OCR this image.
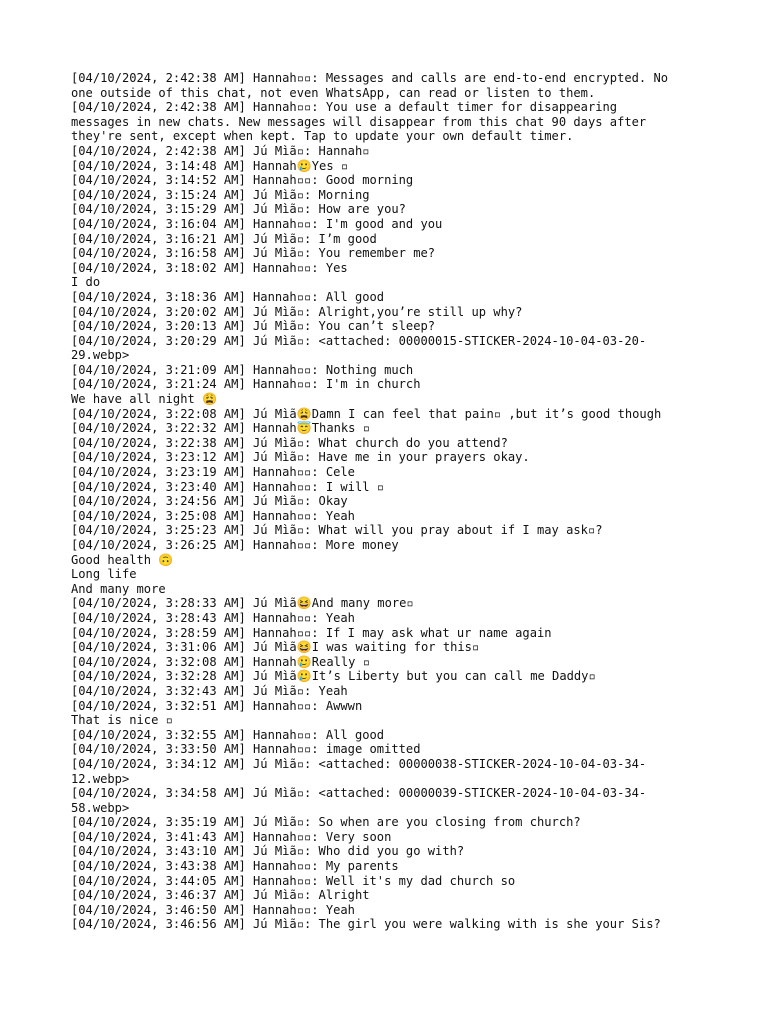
[04/10/2024, 2:42:38 AM] Hannah▫▫: Messages and calls are end-to-end encrypted. No
one outside of this chat, not even WhatsApp, can read or listen to them.
[04/10/2024, 2:42:38 AM] Hannah▫▫: You use a default timer for disappearing
messages in new chats. New messages will disappear from this chat 90 days after
they're sent, except when kept. Tap to update your own default timer.
[04/10/2024, 2:42:38 AM] Jú Mìã▫: Hannah▫
[04/10/2024, 3:14:48 AM] Hannah🥲Yes ▫
[04/10/2024, 3:14:52 AM] Hannah▫▫: Good morning
[04/10/2024, 3:15:24 AM] Jú Mìã▫: Morning
[04/10/2024, 3:15:29 AM] Jú Mìã▫: How are you?
[04/10/2024, 3:16:04 AM] Hannah▫▫: I'm good and you
[04/10/2024, 3:16:21 AM] Jú Mìã▫: I’m good
[04/10/2024, 3:16:58 AM] Jú Mìã▫: You remember me?
[04/10/2024, 3:18:02 AM] Hannah▫▫: Yes
I do
[04/10/2024, 3:18:36 AM] Hannah▫▫: All good
[04/10/2024, 3:20:02 AM] Jú Mìã▫: Alright,you’re still up why?
[04/10/2024, 3:20:13 AM] Jú Mìã▫: You can’t sleep?
[04/10/2024, 3:20:29 AM] Jú Mìã▫: <attached: 00000015-STICKER-2024-10-04-03-20-
29.webp>
[04/10/2024, 3:21:09 AM] Hannah▫▫: Nothing much
[04/10/2024, 3:21:24 AM] Hannah▫▫: I'm in church
We have all night 😩
[04/10/2024, 3:22:08 AM] Jú Mìã😩Damn I can feel that pain▫ ,but it’s good though
[04/10/2024, 3:22:32 AM] Hannah😇Thanks ▫
[04/10/2024, 3:22:38 AM] Jú Mìã▫: What church do you attend?
[04/10/2024, 3:23:12 AM] Jú Mìã▫: Have me in your prayers okay.
[04/10/2024, 3:23:19 AM] Hannah▫▫: Cele
[04/10/2024, 3:23:40 AM] Hannah▫▫: I will ▫
[04/10/2024, 3:24:56 AM] Jú Mìã▫: Okay
[04/10/2024, 3:25:08 AM] Hannah▫▫: Yeah
[04/10/2024, 3:25:23 AM] Jú Mìã▫: What will you pray about if I may ask▫?
[04/10/2024, 3:26:25 AM] Hannah▫▫: More money
Good health 🙃
Long life
And many more
[04/10/2024, 3:28:33 AM] Jú Mìã😆And many more▫
[04/10/2024, 3:28:43 AM] Hannah▫▫: Yeah
[04/10/2024, 3:28:59 AM] Hannah▫▫: If I may ask what ur name again
[04/10/2024, 3:31:06 AM] Jú Mìã😆I was waiting for this▫
[04/10/2024, 3:32:08 AM] Hannah🥲Really ▫
[04/10/2024, 3:32:28 AM] Jú Mìã🥲It’s Liberty but you can call me Daddy▫
[04/10/2024, 3:32:43 AM] Jú Mìã▫: Yeah
[04/10/2024, 3:32:51 AM] Hannah▫▫: Awwwn
That is nice ▫
[04/10/2024, 3:32:55 AM] Hannah▫▫: All good
[04/10/2024, 3:33:50 AM] Hannah▫▫: image omitted
[04/10/2024, 3:34:12 AM] Jú Mìã▫: <attached: 00000038-STICKER-2024-10-04-03-34-
12.webp>
[04/10/2024, 3:34:58 AM] Jú Mìã▫: <attached: 00000039-STICKER-2024-10-04-03-34-
58.webp>
[04/10/2024, 3:35:19 AM] Jú Mìã▫: So when are you closing from church?
[04/10/2024, 3:41:43 AM] Hannah▫▫: Very soon
[04/10/2024, 3:43:10 AM] Jú Mìã▫: Who did you go with?
[04/10/2024, 3:43:38 AM] Hannah▫▫: My parents
[04/10/2024, 3:44:05 AM] Hannah▫▫: Well it's my dad church so
[04/10/2024, 3:46:37 AM] Jú Mìã▫: Alright
[04/10/2024, 3:46:50 AM] Hannah▫▫: Yeah
[04/10/2024, 3:46:56 AM] Jú Mìã▫: The girl you were walking with is she your Sis?
